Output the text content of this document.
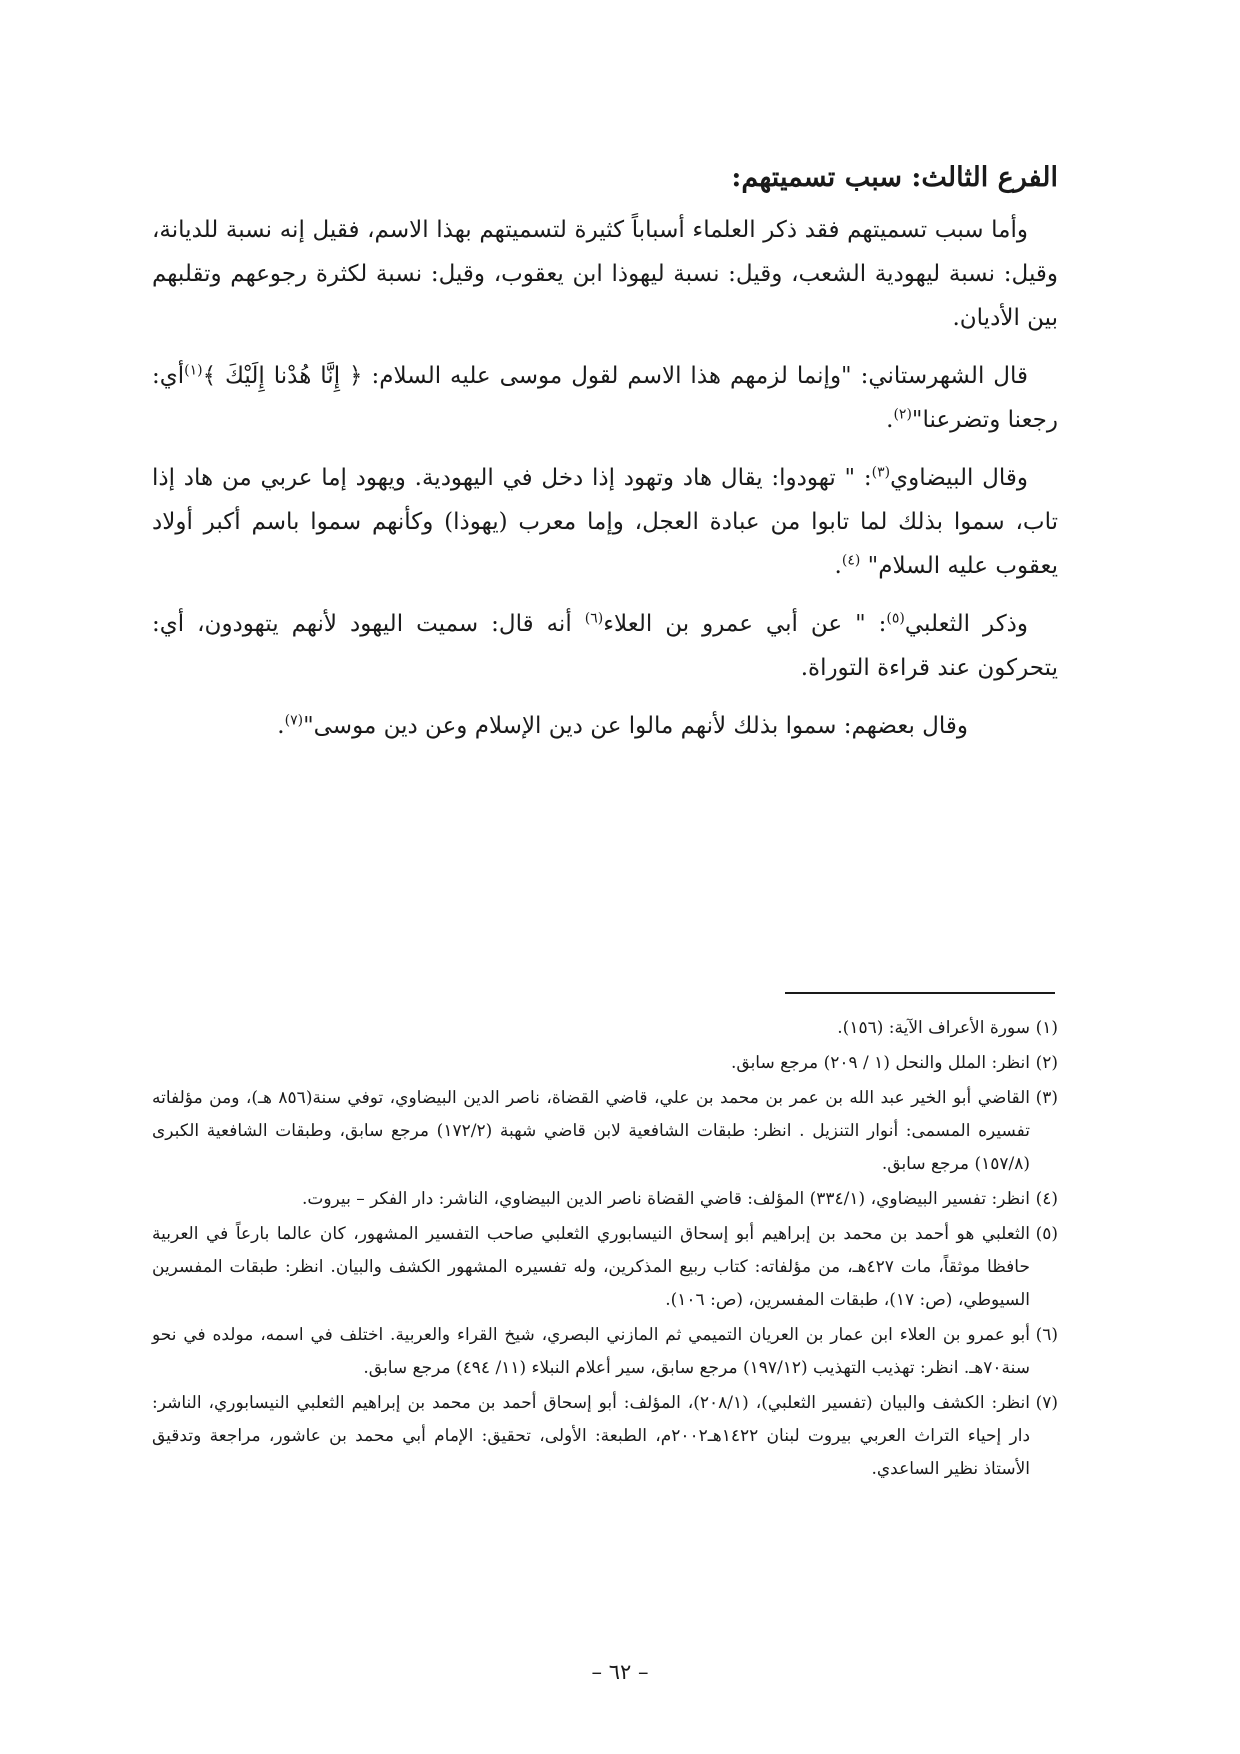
الفرع الثالث: سبب تسميتهم:

وأما سبب تسميتهم فقد ذكر العلماء أسباباً كثيرة لتسميتهم بهذا الاسم، فقيل إنه نسبة للديانة، وقيل: نسبة ليهودية الشعب، وقيل: نسبة ليهوذا ابن يعقوب، وقيل: نسبة لكثرة رجوعهم وتقلبهم بين الأديان.

قال الشهرستاني: "وإنما لزمهم هذا الاسم لقول موسى عليه السلام: ﴿ إِنَّا هُدْنا إِلَيْكَ ﴾$^{(١)}$أي: رجعنا وتضرعنا"$^{(٢)}$.

وقال البيضاوي$^{(٣)}$: " تهودوا: يقال هاد وتهود إذا دخل في اليهودية. ويهود إما عربي من هاد إذا تاب، سموا بذلك لما تابوا من عبادة العجل، وإما معرب (يهوذا) وكأنهم سموا باسم أكبر أولاد يعقوب عليه السلام" $^{(٤)}$.

وذكر الثعلبي$^{(٥)}$: " عن أبي عمرو بن العلاء$^{(٦)}$ أنه قال: سميت اليهود لأنهم يتهودون، أي: يتحركون عند قراءة التوراة.

وقال بعضهم: سموا بذلك لأنهم مالوا عن دين الإسلام وعن دين موسى"$^{(٧)}$.

(١)سورة الأعراف الآية: (١٥٦).

(٢)انظر: الملل والنحل (١ / ٢٠٩) مرجع سابق.

(٣)القاضي أبو الخير عبد الله بن عمر بن محمد بن علي، قاضي القضاة، ناصر الدين البيضاوي، توفي سنة(٨٥٦ هـ)، ومن مؤلفاته تفسيره المسمى: أنوار التنزيل . انظر: طبقات الشافعية لابن قاضي شهبة (١٧٢/٢) مرجع سابق، وطبقات الشافعية الكبرى (١٥٧/٨) مرجع سابق.

(٤)انظر: تفسير البيضاوي، (٣٣٤/١) المؤلف: قاضي القضاة ناصر الدين البيضاوي، الناشر: دار الفكر – بيروت.

(٥)الثعلبي هو أحمد بن محمد بن إبراهيم أبو إسحاق النيسابوري الثعلبي صاحب التفسير المشهور، كان عالما بارعاً في العربية حافظا موثقاً، مات ٤٢٧هـ، من مؤلفاته: كتاب ربيع المذكرين، وله تفسيره المشهور الكشف والبيان. انظر: طبقات المفسرين السيوطي، (ص: ١٧)، طبقات المفسرين، (ص: ١٠٦).

(٦)أبو عمرو بن العلاء ابن عمار بن العريان التميمي ثم المازني البصري، شيخ القراء والعربية. اختلف في اسمه، مولده في نحو سنة٧٠هـ. انظر: تهذيب التهذيب (١٩٧/١٢) مرجع سابق، سير أعلام النبلاء (١١/ ٤٩٤) مرجع سابق.

(٧)انظر: الكشف والبيان (تفسير الثعلبي)، (٢٠٨/١)، المؤلف: أبو إسحاق أحمد بن محمد بن إبراهيم الثعلبي النيسابوري، الناشر: دار إحياء التراث العربي بيروت لبنان ١٤٢٢هـ٢٠٠٢م، الطبعة: الأولى، تحقيق: الإمام أبي محمد بن عاشور، مراجعة وتدقيق الأستاذ نظير الساعدي.

– ٦٢ –
